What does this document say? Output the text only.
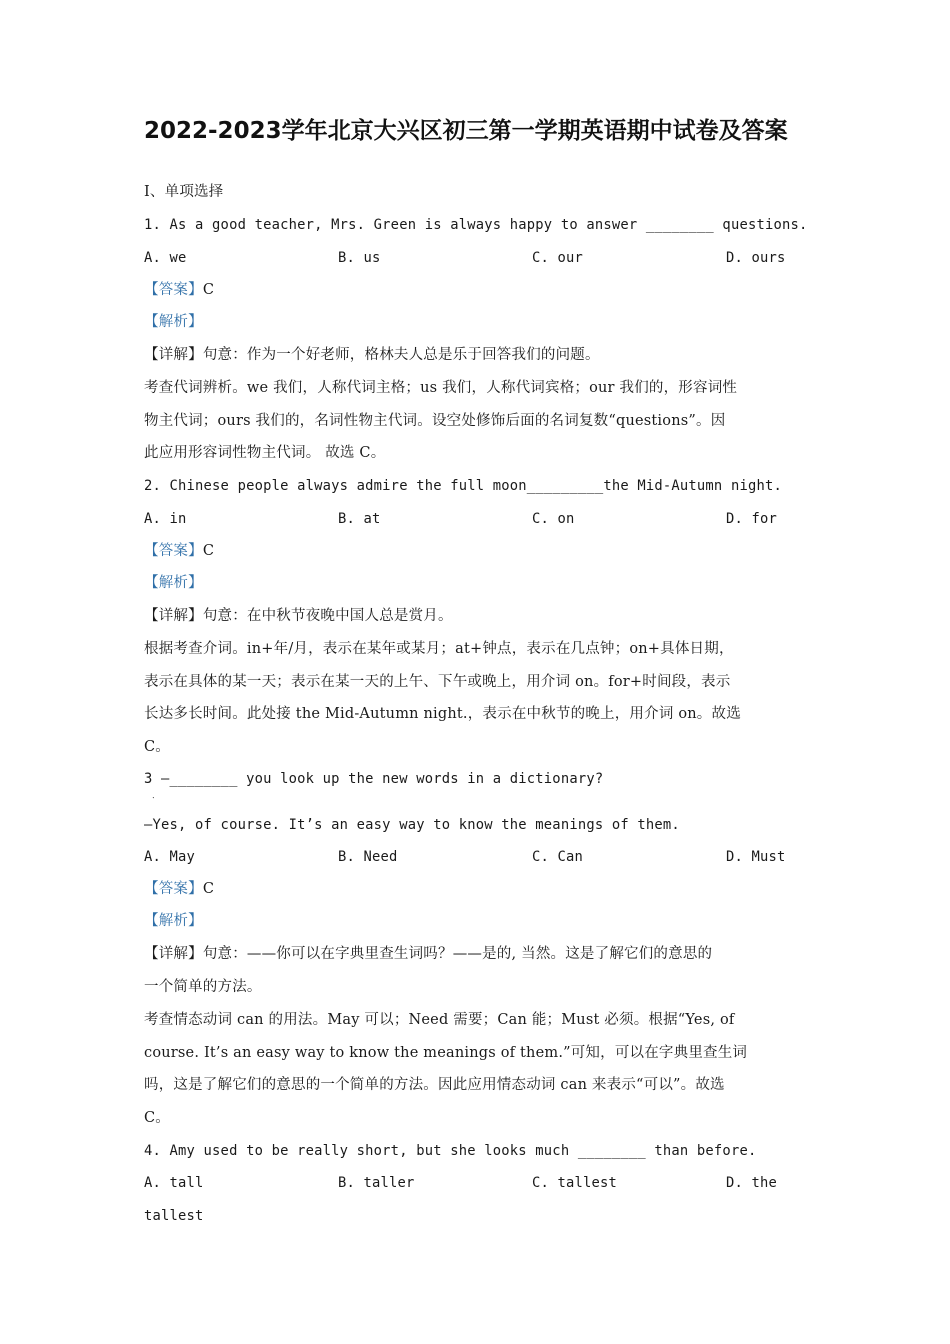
2022-2023学年北京大兴区初三第一学期英语期中试卷及答案
Ⅰ、单项选择
1. As a good teacher, Mrs. Green is always happy to answer ________ questions.
A. we	B. us	C. our	D. ours
【答案】C
【解析】
【详解】句意：作为一个好老师，格林夫人总是乐于回答我们的问题。
考查代词辨析。we 我们，人称代词主格；us 我们，人称代词宾格；our 我们的，形容词性
物主代词；ours 我们的，名词性物主代词。设空处修饰后面的名词复数“questions”。因
此应用形容词性物主代词。 故选 C。
2. Chinese people always admire the full moon_________the Mid-Autumn night.
A. in	B. at	C. on	D. for
【答案】C
【解析】
【详解】句意：在中秋节夜晚中国人总是赏月。
根据考查介词。in+年/月，表示在某年或某月；at+钟点，表示在几点钟；on+具体日期，
表示在具体的某一天；表示在某一天的上午、下午或晚上，用介词 on。for+时间段，表示
长达多长时间。此处接 the Mid-Autumn night.，表示在中秋节的晚上，用介词 on。故选
C。
3 —________ you look up the new words in a dictionary?
．
—Yes, of course. It’s an easy way to know the meanings of them.
A. May	B. Need	C. Can	D. Must
【答案】C
【解析】
【详解】句意：——你可以在字典里查生词吗？——是的, 当然。这是了解它们的意思的
一个简单的方法。
考查情态动词 can 的用法。May 可以；Need 需要；Can 能；Must 必须。根据“Yes, of
course. It’s an easy way to know the meanings of them.”可知，可以在字典里查生词
吗，这是了解它们的意思的一个简单的方法。因此应用情态动词 can 来表示“可以”。故选
C。
4. Amy used to be really short, but she looks much ________ than before.
A. tall	B. taller	C. tallest	D. the
tallest
